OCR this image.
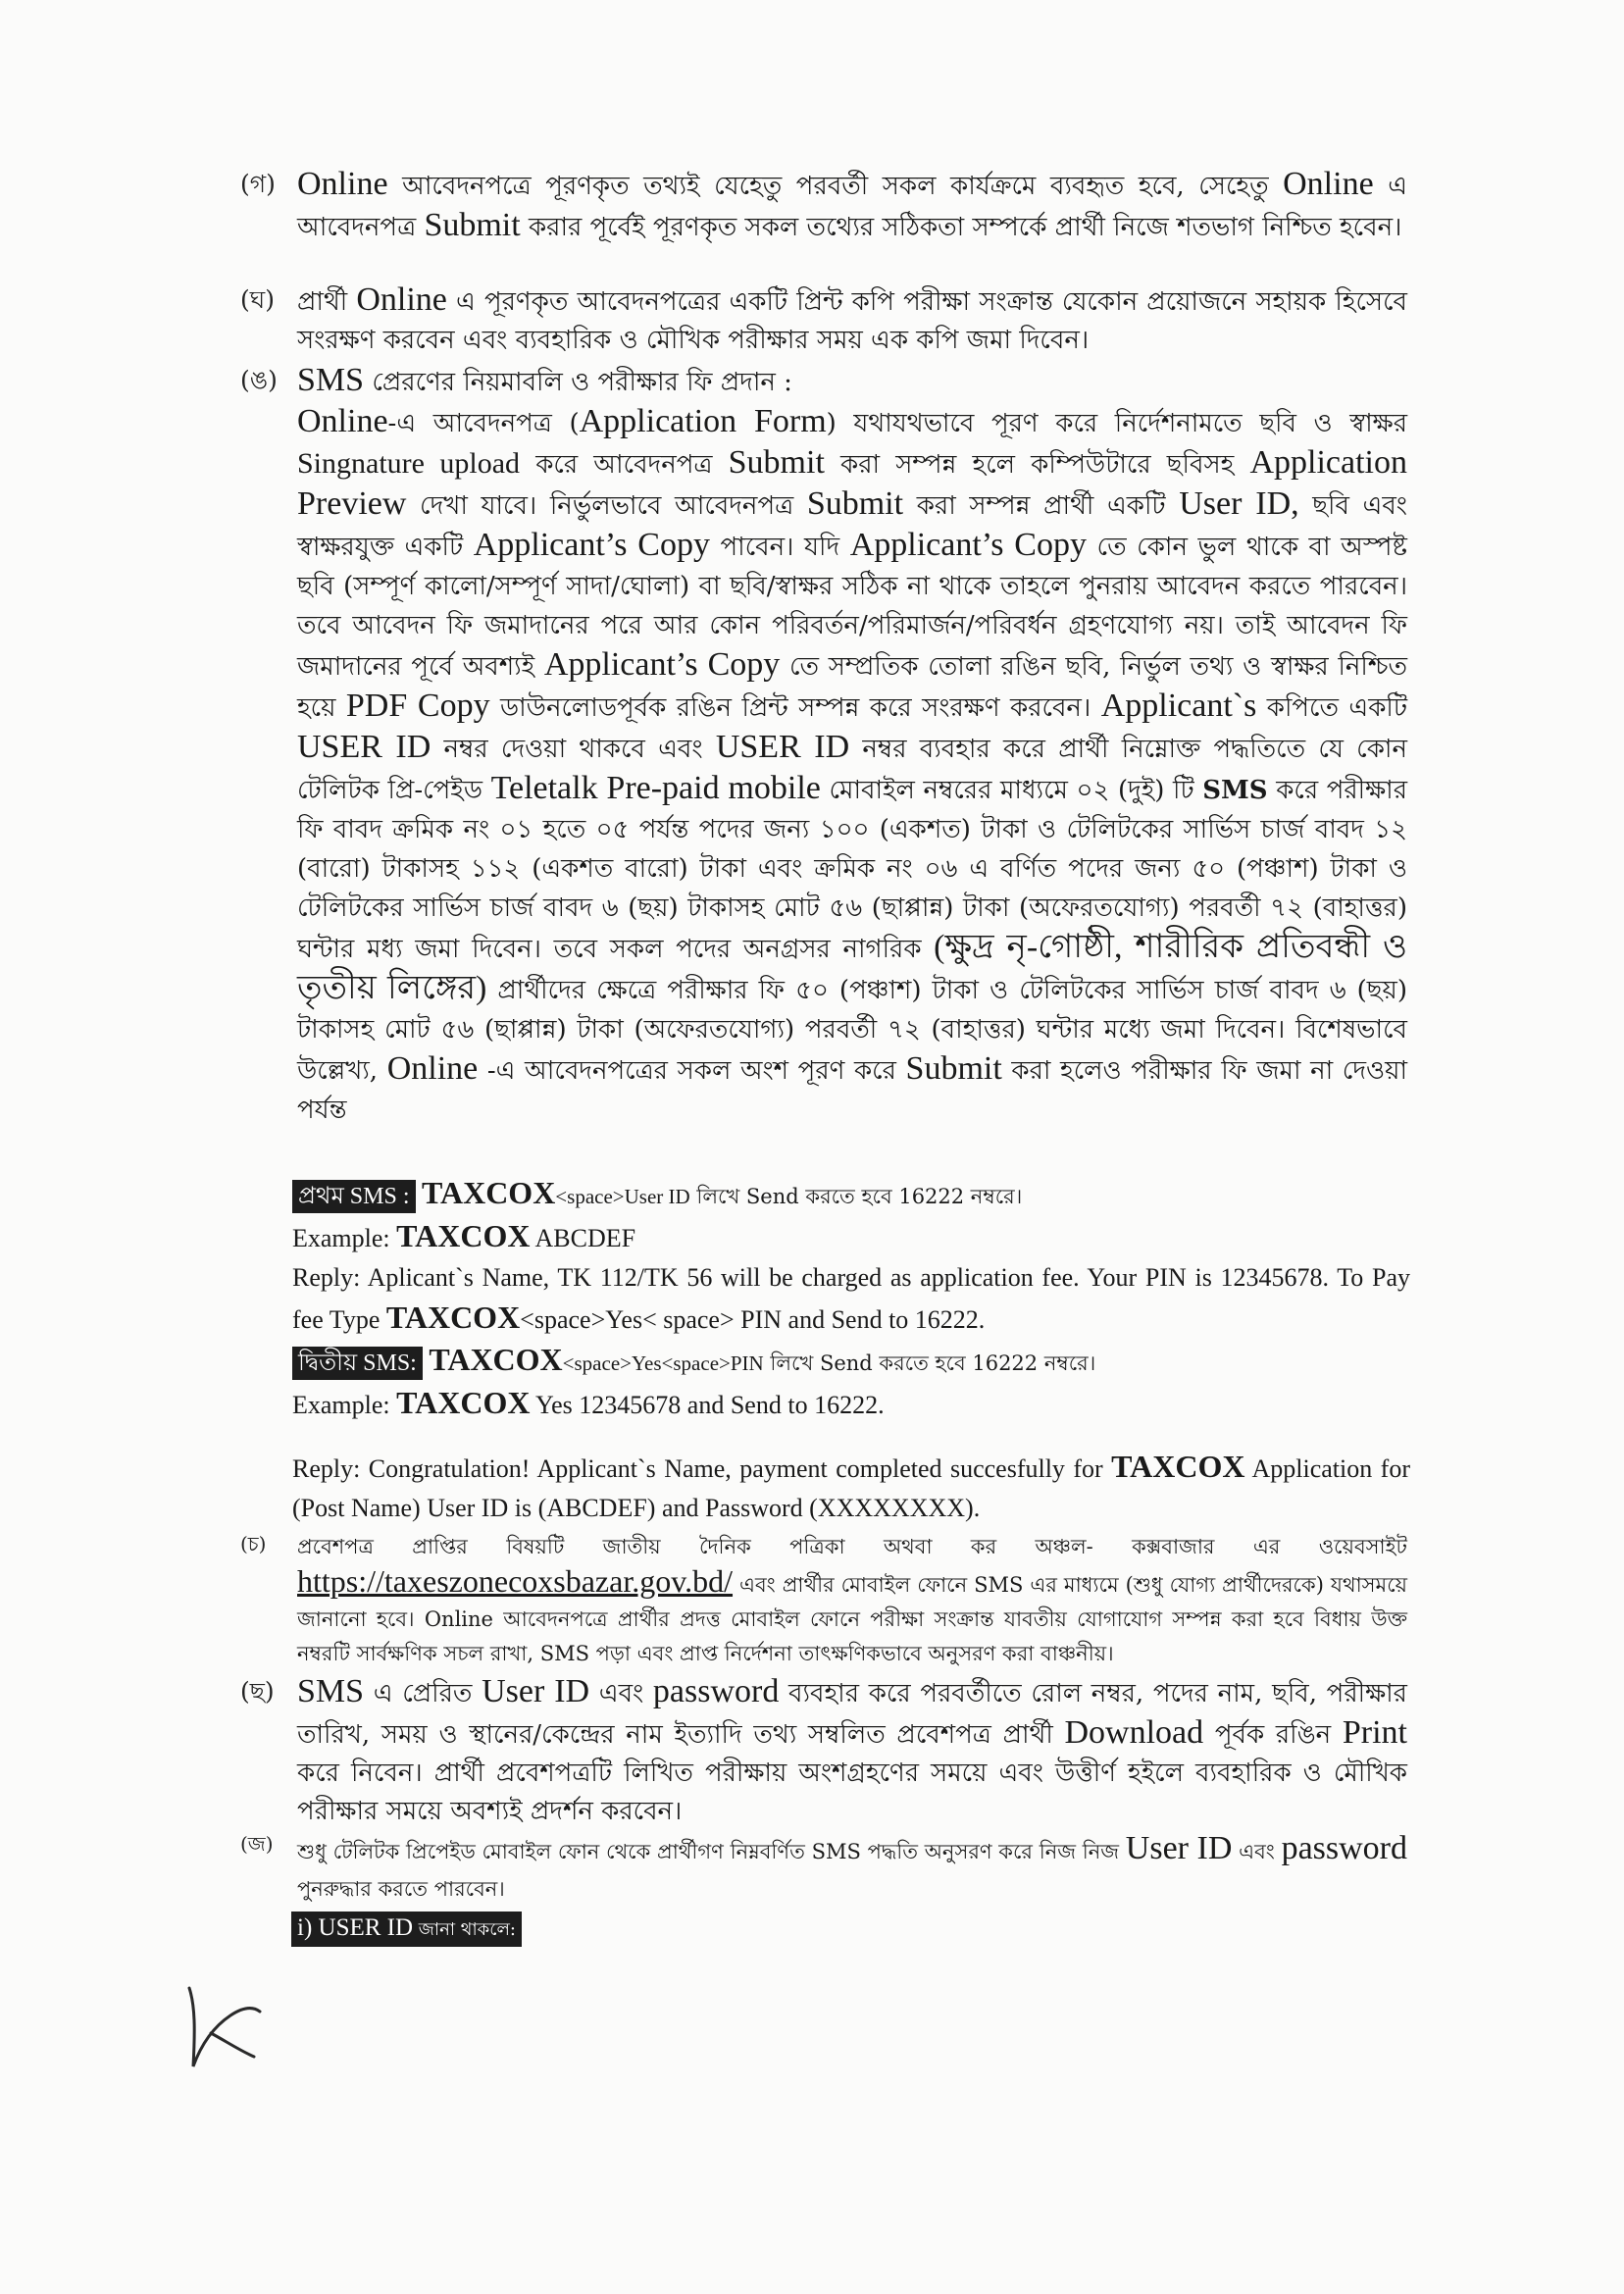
(গ) Online আবেদনপত্রে পূরণকৃত তথ্যই যেহেতু পরবর্তী সকল কার্যক্রমে ব্যবহৃত হবে, সেহেতু Online এ আবেদনপত্র Submit করার পূর্বেই পূরণকৃত সকল তথ্যের সঠিকতা সম্পর্কে প্রার্থী নিজে শতভাগ নিশ্চিত হবেন।
(ঘ) প্রার্থী Online এ পূরণকৃত আবেদনপত্রের একটি প্রিন্ট কপি পরীক্ষা সংক্রান্ত যেকোন প্রয়োজনে সহায়ক হিসেবে সংরক্ষণ করবেন এবং ব্যবহারিক ও মৌখিক পরীক্ষার সময় এক কপি জমা দিবেন।
(ঙ) SMS প্রেরণের নিয়মাবলি ও পরীক্ষার ফি প্রদান :
Online-এ আবেদনপত্র (Application Form) যথাযথভাবে পূরণ করে নির্দেশনামতে ছবি ও স্বাক্ষর Singnature upload করে আবেদনপত্র Submit করা সম্পন্ন হলে কম্পিউটারে ছবিসহ Application Preview দেখা যাবে। নির্ভুলভাবে আবেদনপত্র Submit করা সম্পন্ন প্রার্থী একটি User ID, ছবি এবং স্বাক্ষরযুক্ত একটি Applicant’s Copy পাবেন। যদি Applicant’s Copy তে কোন ভুল থাকে বা অস্পষ্ট ছবি (সম্পূর্ণ কালো/সম্পূর্ণ সাদা/ঘোলা) বা ছবি/স্বাক্ষর সঠিক না থাকে তাহলে পুনরায় আবেদন করতে পারবেন। তবে আবেদন ফি জমাদানের পরে আর কোন পরিবর্তন/পরিমার্জন/পরিবর্ধন গ্রহণযোগ্য নয়। তাই আবেদন ফি জমাদানের পূর্বে অবশ্যই Applicant’s Copy তে সম্প্রতিক তোলা রঙিন ছবি, নির্ভুল তথ্য ও স্বাক্ষর নিশ্চিত হয়ে PDF Copy ডাউনলোডপূর্বক রঙিন প্রিন্ট সম্পন্ন করে সংরক্ষণ করবেন। Applicant`s কপিতে একটি USER ID নম্বর দেওয়া থাকবে এবং USER ID নম্বর ব্যবহার করে প্রার্থী নিম্নোক্ত পদ্ধতিতে যে কোন টেলিটক প্রি-পেইড Teletalk Pre-paid mobile মোবাইল নম্বরের মাধ্যমে ০২ (দুই) টি SMS করে পরীক্ষার ফি বাবদ ক্রমিক নং ০১ হতে ০৫ পর্যন্ত পদের জন্য ১০০ (একশত) টাকা ও টেলিটকের সার্ভিস চার্জ বাবদ ১২ (বারো) টাকাসহ ১১২ (একশত বারো) টাকা এবং ক্রমিক নং ০৬ এ বর্ণিত পদের জন্য ৫০ (পঞ্চাশ) টাকা ও টেলিটকের সার্ভিস চার্জ বাবদ ৬ (ছয়) টাকাসহ মোট ৫৬ (ছাপ্পান্ন) টাকা (অফেরতযোগ্য) পরবর্তী ৭২ (বাহাত্তর) ঘন্টার মধ্য জমা দিবেন। তবে সকল পদের অনগ্রসর নাগরিক (ক্ষুদ্র নৃ-গোষ্ঠী, শারীরিক প্রতিবন্ধী ও তৃতীয় লিঙ্গের) প্রার্থীদের ক্ষেত্রে পরীক্ষার ফি ৫০ (পঞ্চাশ) টাকা ও টেলিটকের সার্ভিস চার্জ বাবদ ৬ (ছয়) টাকাসহ মোট ৫৬ (ছাপ্পান্ন) টাকা (অফেরতযোগ্য) পরবর্তী ৭২ (বাহাত্তর) ঘন্টার মধ্যে জমা দিবেন। বিশেষভাবে উল্লেখ্য, Online -এ আবেদনপত্রের সকল অংশ পূরণ করে Submit করা হলেও পরীক্ষার ফি জমা না দেওয়া পর্যন্ত
প্রথম SMS : TAXCOX<space>User ID লিখে Send করতে হবে 16222 নম্বরে।
Example: TAXCOX ABCDEF
Reply: Aplicant`s Name, TK 112/TK 56 will be charged as application fee. Your PIN is 12345678. To Pay fee Type TAXCOX<space>Yes< space> PIN and Send to 16222.
দ্বিতীয় SMS: TAXCOX<space>Yes<space>PIN লিখে Send করতে হবে 16222 নম্বরে।
Example: TAXCOX Yes 12345678 and Send to 16222.
Reply: Congratulation! Applicant`s Name, payment completed succesfully for TAXCOX Application for (Post Name) User ID is (ABCDEF) and Password (XXXXXXXX).
(চ) প্রবেশপত্র প্রাপ্তির বিষয়টি জাতীয় দৈনিক পত্রিকা অথবা কর অঞ্চল- কক্সবাজার এর ওয়েবসাইট https://taxeszonecoxsbazar.gov.bd/ এবং প্রার্থীর মোবাইল ফোনে SMS এর মাধ্যমে (শুধু যোগ্য প্রার্থীদেরকে) যথাসময়ে জানানো হবে। Online আবেদনপত্রে প্রার্থীর প্রদত্ত মোবাইল ফোনে পরীক্ষা সংক্রান্ত যাবতীয় যোগাযোগ সম্পন্ন করা হবে বিধায় উক্ত নম্বরটি সার্বক্ষণিক সচল রাখা, SMS পড়া এবং প্রাপ্ত নির্দেশনা তাৎক্ষণিকভাবে অনুসরণ করা বাঞ্চনীয়।
(ছ) SMS এ প্রেরিত User ID এবং password ব্যবহার করে পরবর্তীতে রোল নম্বর, পদের নাম, ছবি, পরীক্ষার তারিখ, সময় ও স্থানের/কেন্দ্রের নাম ইত্যাদি তথ্য সম্বলিত প্রবেশপত্র প্রার্থী Download পূর্বক রঙিন Print করে নিবেন। প্রার্থী প্রবেশপত্রটি লিখিত পরীক্ষায় অংশগ্রহণের সময়ে এবং উত্তীর্ণ হইলে ব্যবহারিক ও মৌখিক পরীক্ষার সময়ে অবশ্যই প্রদর্শন করবেন।
(জ) শুধু টেলিটক প্রিপেইড মোবাইল ফোন থেকে প্রার্থীগণ নিম্নবর্ণিত SMS পদ্ধতি অনুসরণ করে নিজ নিজ User ID এবং password পুনরুদ্ধার করতে পারবেন।
i) USER ID জানা থাকলে:
